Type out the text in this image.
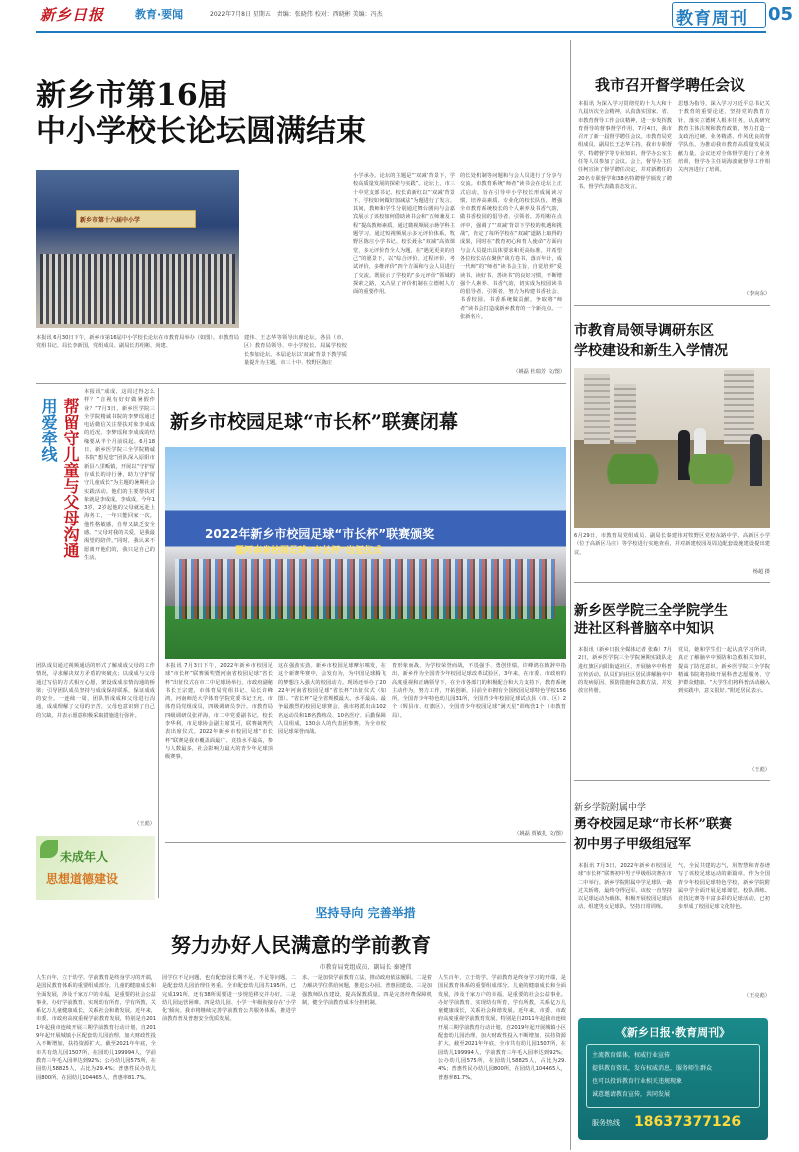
新乡日报	教育·要闻	2022年7月8日 星期五　责编：张晓伟 校对：西晓彬 美编：冯杰	教育周刊 05
新乡市第16届
中小学校长论坛圆满结束
新乡市第十六届中小学
本报讯 6月30日下午，新乡市第16届中小学校长论坛在市教育局举办（如图）。市教育局党组书记、局长李新国，党组成员、副局长苏绍彬、尚建、
建伟、王志华等领导出席论坛。各县（市、区）教育局领导、中小学校长、局属学校校长参加论坛。本届论坛以‘双减’背景下教学质量提升为主题，市三十中、牧野区陈庄
小学承办。论坛的主题是“‘双减’背景下，学校高质量发展的探索与实践”。论坛上，市三十中党支部书记、校长苗新红以“‘双减’背景下，学校如何做好加减法”为题进行了发言。其间，教师和学生分别通过舞台剧向与会嘉宾展示了该校如何借助读书会和“五师兼及工程”提高教师素质，通过微视频展示蒋学科主题学习，通过短视频展示多元评价体系。牧野区陈庄小学书记、校长聂永“双减”高效课堂，多元评价育全人为题，在“遇见更美的自己”的愿景下，以“综合评价、过程评价、考试评价、多维评价”四个方面和与会人员进行了交流。既展示了学校的“多元评价”领域的探索之路，又凸显了评价机制在立德树人方面的重要作用。
的长处机制等问题和与会人员进行了分享与交流。市教育系统“师者”读书会在论坛上正式启动。旨在引导中小学校长形成阅读习惯，培养高素质、专业化的校长队伍，增强全市教育系统校长的个人素养及书香气韵，做书香校园的倡导者、引领者。苏绍彬在点评中，强调了“‘双减’背景下学校的机遇和挑战”，肯定了每所学校在“双减”道路上取得的成果，同时在“教育初心和育人使命”方面向与会人员提出具体要求和更高标准。并希望各位校长站在聚焦“谈方卷书，落百年计，成一代师”的“师者”读书会主旨，自觉培养“爱读书、读好书、善读书”的良好习惯，不断增强个人素养、书香气韵，切实成为校园读书的倡导者、引领者，努力为构建书香社会、书香校园、书香系统做贡献，争取将“师者”读书会打造成新乡教育的一个新亮点、一张新名片。
（姚磊 杜瑞芳 文/图）
用爱牵线 帮留守儿童与父母沟通
本报讯“成成，这周过得怎么样？”音视有好好做暑假作业？”7月3日，新乡医学院三全学院精诚书院的李梦瑶通过电话微信关注帮扶对象李成成的近况。李梦瑶和李成成的结缘要从半个月前说起。6月18日，新乡医学院三全学院精诚书院“想见您”团队深入原阳市新县八里畈镇，开展以“守护留存成长的诗行暑，助力守护留守儿童成长”为主题的暑期社会实践活动。他们的主要帮扶对象就是李成成。李成成，今年13岁，2岁起他的父母就远赴上海务工，一年只能回家一次。他性格敏感，自卑又缺乏安全感。“父母对我的关爱，是我最渴望的陪伴。”同时，我认来不愿离开他们的，我只是自己的生活。
团队成员通过视频通话的形式了解成成父母的工作情况，寻求解决双方矛盾的突破点；以成成与父母通过写信的方式相互心愿，架设成成亲情沟通的桥梁；引导团队成员坚持与成成保持联系，保证成成的安全。一连续一周，团队帮成成和父母进行沟通，成成理解了父母的辛苦，父母也意识到了自己的欠缺。并表示愿意积极采取措施进行弥补。
（王彪）
未成年人
思想道德建设
新乡市校园足球“市长杯”联赛闭幕
2022年新乡市校园足球“市长杯”联赛颁奖
暨河南省校园足球“市长杯”出征仪式
本报讯 7月3日下午，2022年新乡市校园足球“市长杯”联赛颁奖暨河南省校园足球“省长杯”出征仪式在市二中足球场举行。市政府副秘书长王宗建，市体育局党组书记、局长许峰鸿，河南师范大学体育学院党委书记王允，市体育局党组成员，四级调研员李汁，市教育局四级调研员张祥海，市二中党委副书记，校长李华利，市足球协会副主席莫可，联赛裁判代表出席仪式。2022年新乡市校园足球“市长杯”联赛是我市覆盖面最广、竞技水平最高，参与人数最多，社会影响力最大的青少年足球顶级赛事。
这在强劲实劲。新乡市校园足球摩尔嗔发，在这个新赛华赛中，会发有为，为中国足球腾飞的梦想注入强大的校园动力。现场还举办了2022年河南省校园足球“省长杯”出征仪式（如图）。“省长杯”是全省规模最大、水平最高、最争最激烈的校园足球赛会，我市将派出由102名运动员和18名教练员、10名医疗、后勤保障人员组成，130余人的代表团参赛，为全市校园足球荣誉而战。
育形象而战，为学校荣誉而战，不畏强手、勇创佳绩。许峰鸿在致辞中指出，新乡作为全国青少年校园足球改革试验区，3年来，在市委、市政府的高度重视和正确领导下，在全市各部门的积极配合和大力支持下，教育系统主动作为，努力工作，开拓创新，目前全市拥有全国校园足球特色学校156所，全国青少年特色幼儿园31所，全国青少年校园足球试点县（市、区）2个（辉县市、红旗区），全国青少年校园足球“满天星”训练营1个（市教育局）。
（姚磊 贾敏扎 文/图）
坚持导向 完善举措
努力办好人民满意的学前教育
市教育局党组成员、副局长 秦建伟
人生百年，立于幼学。学前教育是终身学习的开端，是国民教育体系的重要组成部分。儿童的健康成长和全面发展，涉及千家万户的幸福，是重要的社会公益事业。办好学前教育、实现幼有所育，学有所教，关系亿万儿童健康成长，关系社会和谐发展。近年来，市委、市政府高度重视学前教育发展，特别是自2011年起我市连续开展三期学前教育行动计划，自2019年起开展城镇小区配套幼儿园治理，加大财政性投入不断增加，扶持资源扩大。截至2021年年底，全市共有幼儿园1507所，在园幼儿199994人，学前教育三年毛入园率达到92%；公办幼儿园575所，在园幼儿58825人，占比为29.4%；普惠性民办幼儿园800所，在园幼儿104465人，普惠率81.7%。
园学位不足问题，也有配套园长期不足、不足等问题。二是配套幼儿园治理任务重。全市配套幼儿园共195所，已完成191所，还有38所需要进一步规范移交并办好。三是幼儿园运营困难。四是幼儿园、小学一年级衔接存在‘小学化’倾向。我市将继续完善学前教育公共服务体系，推进学前教育普及普惠安全优质发展。
求，一是加快学前教育立法，推动政府依法履职。二是着力解决学位供给问题，推进公办园、普惠园建设。三是加强教师队伍建设，提高保教质量。四是完善经费保障机制，健全学前教育成本分担机制。
人生百年，立于幼学。学前教育是终身学习的开端，是国民教育体系的重要组成部分。儿童的健康成长和全面发展，涉及千家万户的幸福，是重要的社会公益事业。办好学前教育、实现幼有所育，学有所教，关系亿万儿童健康成长，关系社会和谐发展。近年来，市委、市政府高度重视学前教育发展，特别是自2011年起我市连续开展三期学前教育行动计划，自2019年起开展城镇小区配套幼儿园治理，加大财政性投入不断增加，扶持资源扩大。截至2021年年底，全市共有幼儿园1507所，在园幼儿199994人，学前教育三年毛入园率达到92%；公办幼儿园575所，在园幼儿58825人，占比为29.4%；普惠性民办幼儿园800所，在园幼儿104465人，普惠率81.7%。
我市召开督学聘任会议
本报讯 为深入学习贯彻党的十九大和十九届历次全会精神，认真落实国家、省、市教育督导工作会议精神，进一步发挥教育督导的督事督学作用，7月4日，我市召开了新一届督学聘任会议。市教育局党组成员、副局长王志华主持。我市专职督学、特聘督学等专业知识、督学办公室主任等人员参加了会议。会上，督导办主任任柯宣读了督学聘任决定，并对新聘任的20名专职督学和38名特聘督学颁发了聘书。督学代表做表态发言。
思想为指导，深入学习习近平总书记关于教育的重要论述，坚持党的教育方针，落实立德树人根本任务，认真研究教育主体注规和教育政策，努力打造一支政治过硬、业务精湛、作风优良的督学队伍，为推动我市教育高质量发展贡献力量。会议还对全体督学进行了业务培训，督学办主任胡海波就督导工作相关内容进行了培训。
（李向东）
市教育局领导调研东区
学校建设和新生入学情况
6月29日，市教育局党组成员、副局长秦建伟对牧野区党校东路中学、高新区小学（位于高新区马庄）等学校进行实地查看，并对新建校园及周边配套设施建设提出建议。
杨超 摄
新乡医学院三全学院学生
进社区科普脑卒中知识
本报讯（新乡日报全媒体记者 张森）7月2日，新乡医学院三全学院暑期实践队走进红旗区向阳街道社区，开展脑卒中科普宣传活动。队员们向社区居民讲解脑卒中的发病原因、预防措施和急救方法，并发放宣传册。
党员，她和学生们一起认真学习所讲，真正了解脑卒中预防和急救相关知识，提高了防范意识。新乡医学院三全学院精诚书院将持续开展科普志愿服务，守护群众健康。“大学生们将科普活动融入到实践中，意义很好。”附近居民表示。
（王彪）
新乡学院附属中学
勇夺校园足球“市长杯”联赛
初中男子甲级组冠军
本报讯 7月3日，2022年新乡市校园足球“市长杯”联赛初中男子甲级组决赛在市二中举行。新乡学院附属中学足球队一路过关斩将，最终夺得冠军。该校一直坚持以足球运动为载体，积极开展校园足球活动，组建男女足球队，坚持日常训练。
气，全民共建的志气，用智慧和青春谱写了该校足球运动的新篇章。作为全国青少年校园足球特色学校，新乡学院附属中学全面开展足球课堂、校队训练、竞技比赛等丰富多彩的足球活动，已初步形成了校园足球文化特色。
（王亮彪）
《新乡日报·教育周刊》
主流教育媒体，权威行业宣传
提供教育资讯，发布权威消息，服务师生群众
也可以投诉教育行业相关违规现象
诚意邀请教育宣传，共同发展
服务热线 18637377126
